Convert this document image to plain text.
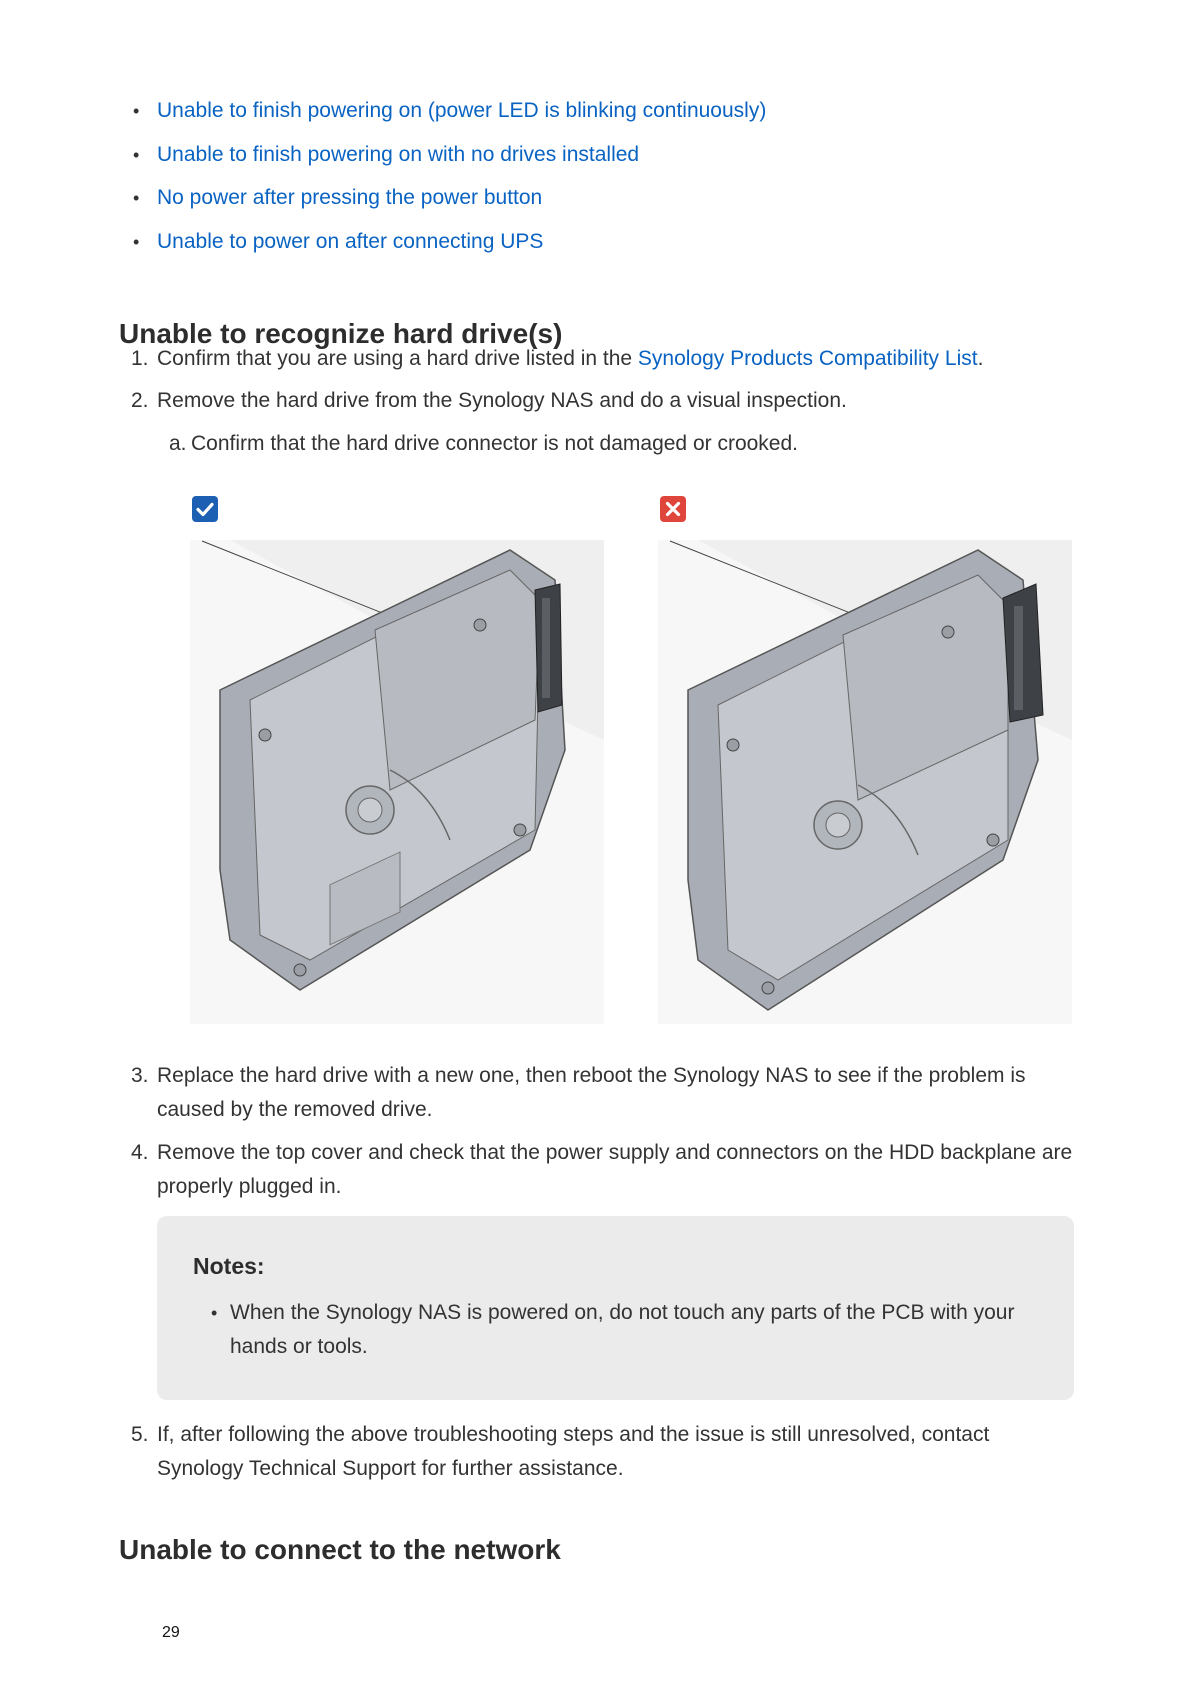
• Unable to finish powering on (power LED is blinking continuously)
• Unable to finish powering on with no drives installed
• No power after pressing the power button
• Unable to power on after connecting UPS
Unable to recognize hard drive(s)
1. Confirm that you are using a hard drive listed in the Synology Products Compatibility List.
2. Remove the hard drive from the Synology NAS and do a visual inspection.
a. Confirm that the hard drive connector is not damaged or crooked.
3. Replace the hard drive with a new one, then reboot the Synology NAS to see if the problem is caused by the removed drive.
4. Remove the top cover and check that the power supply and connectors on the HDD backplane are properly plugged in.
Notes:
• When the Synology NAS is powered on, do not touch any parts of the PCB with your hands or tools.
5. If, after following the above troubleshooting steps and the issue is still unresolved, contact Synology Technical Support for further assistance.
Unable to connect to the network
29
